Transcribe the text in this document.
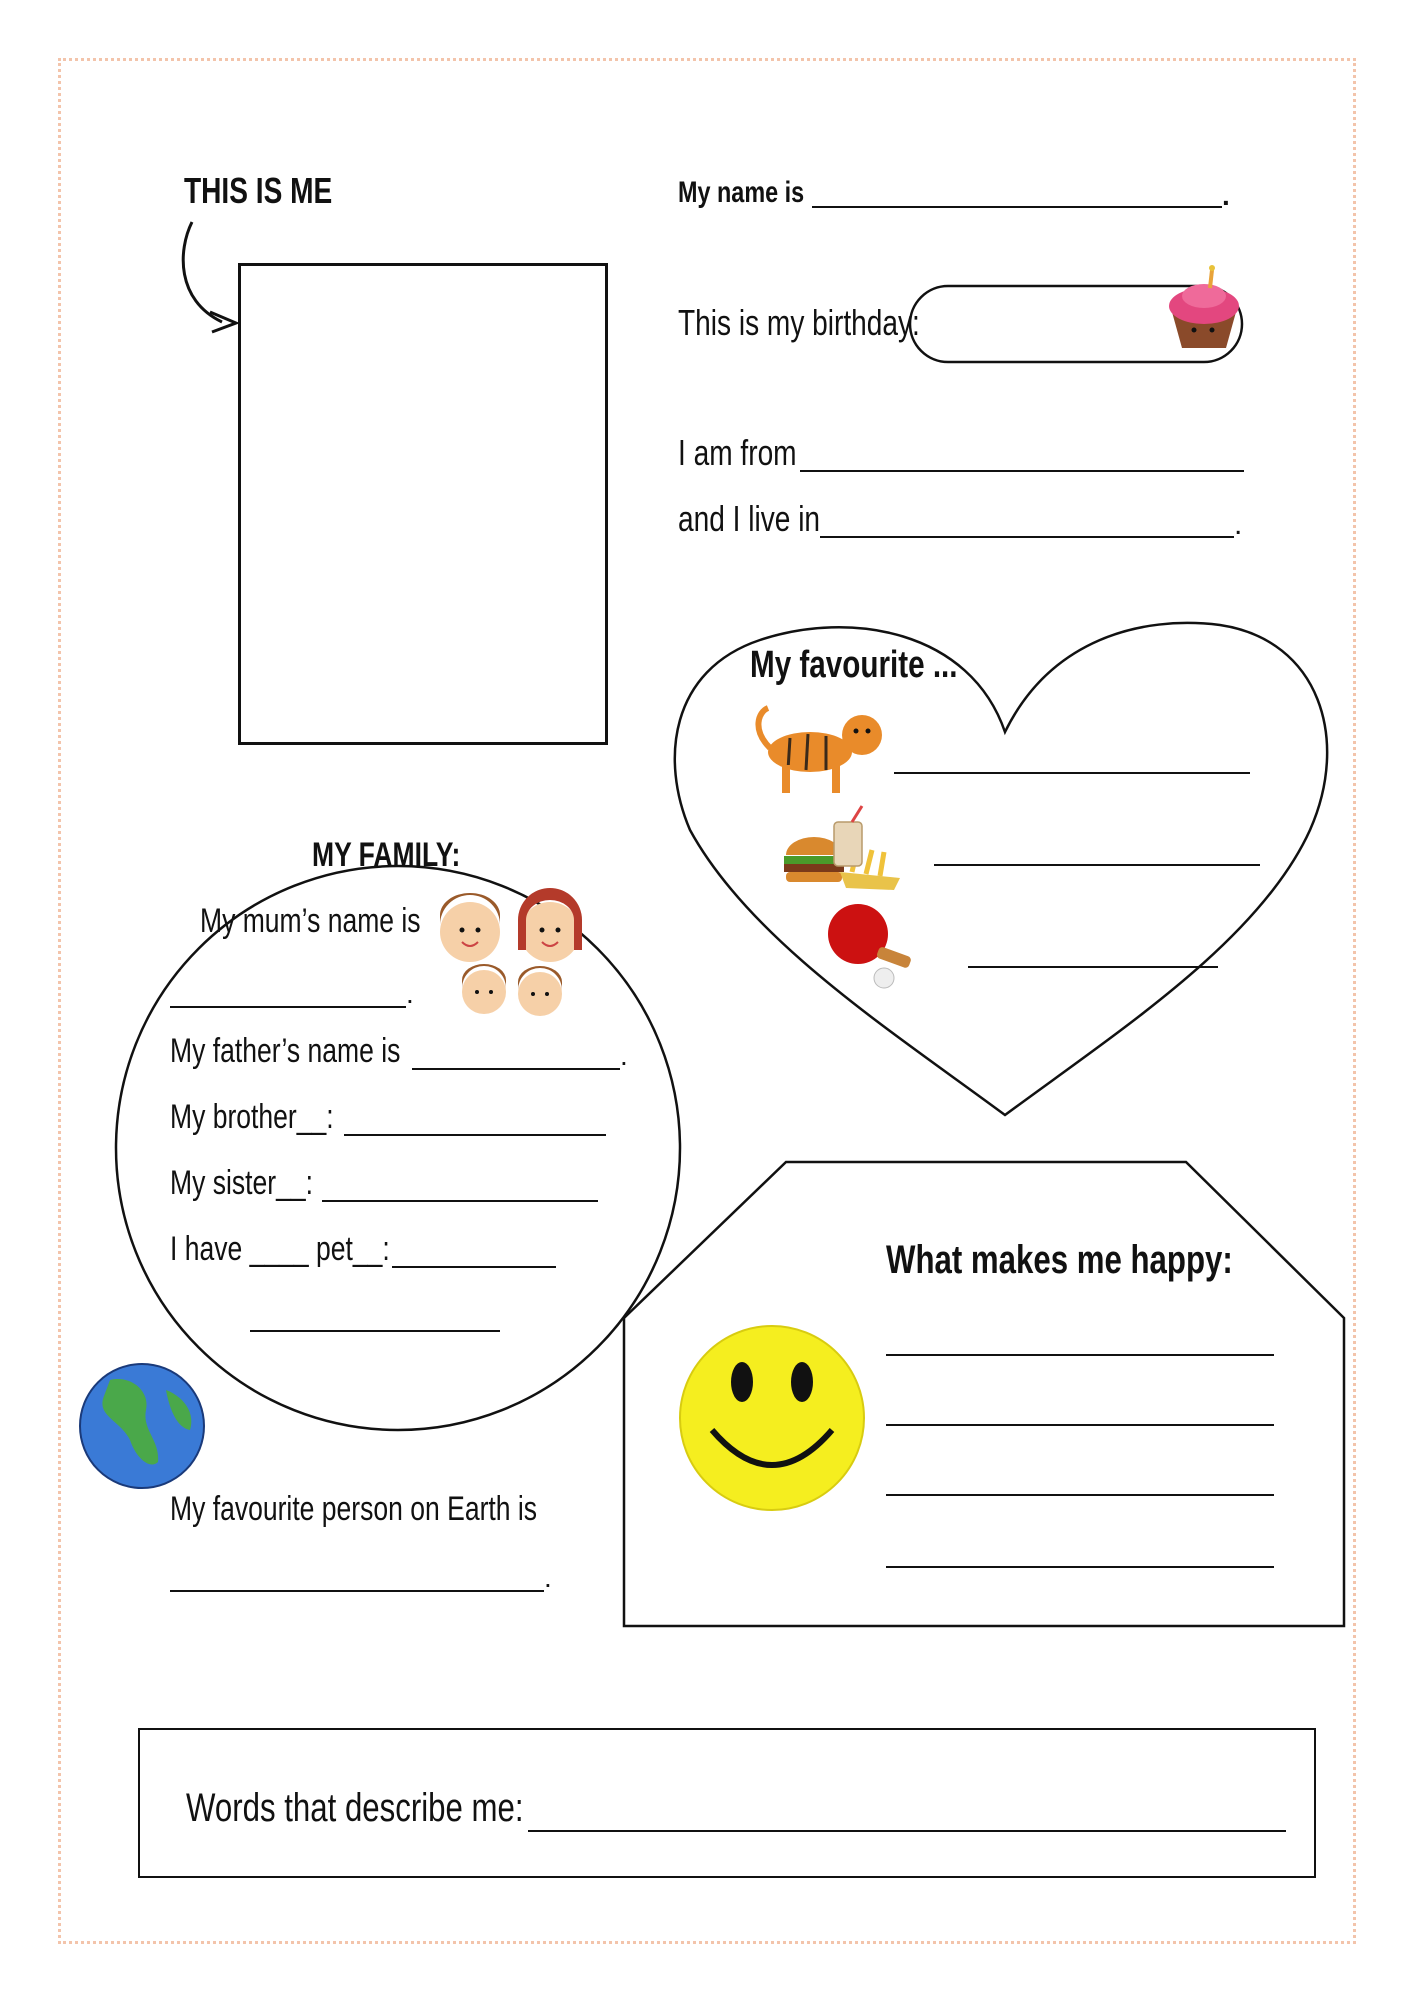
THIS IS ME	My name is	.
This is my birthday:
I am from
and I live in	.
My favourite ...
MY FAMILY:
My mum’s name is
.
My father’s name is	.
My brother__:
My sister__:
I have ____ pet__:
My favourite person on Earth is
.
What makes me happy:
Words that describe me:
